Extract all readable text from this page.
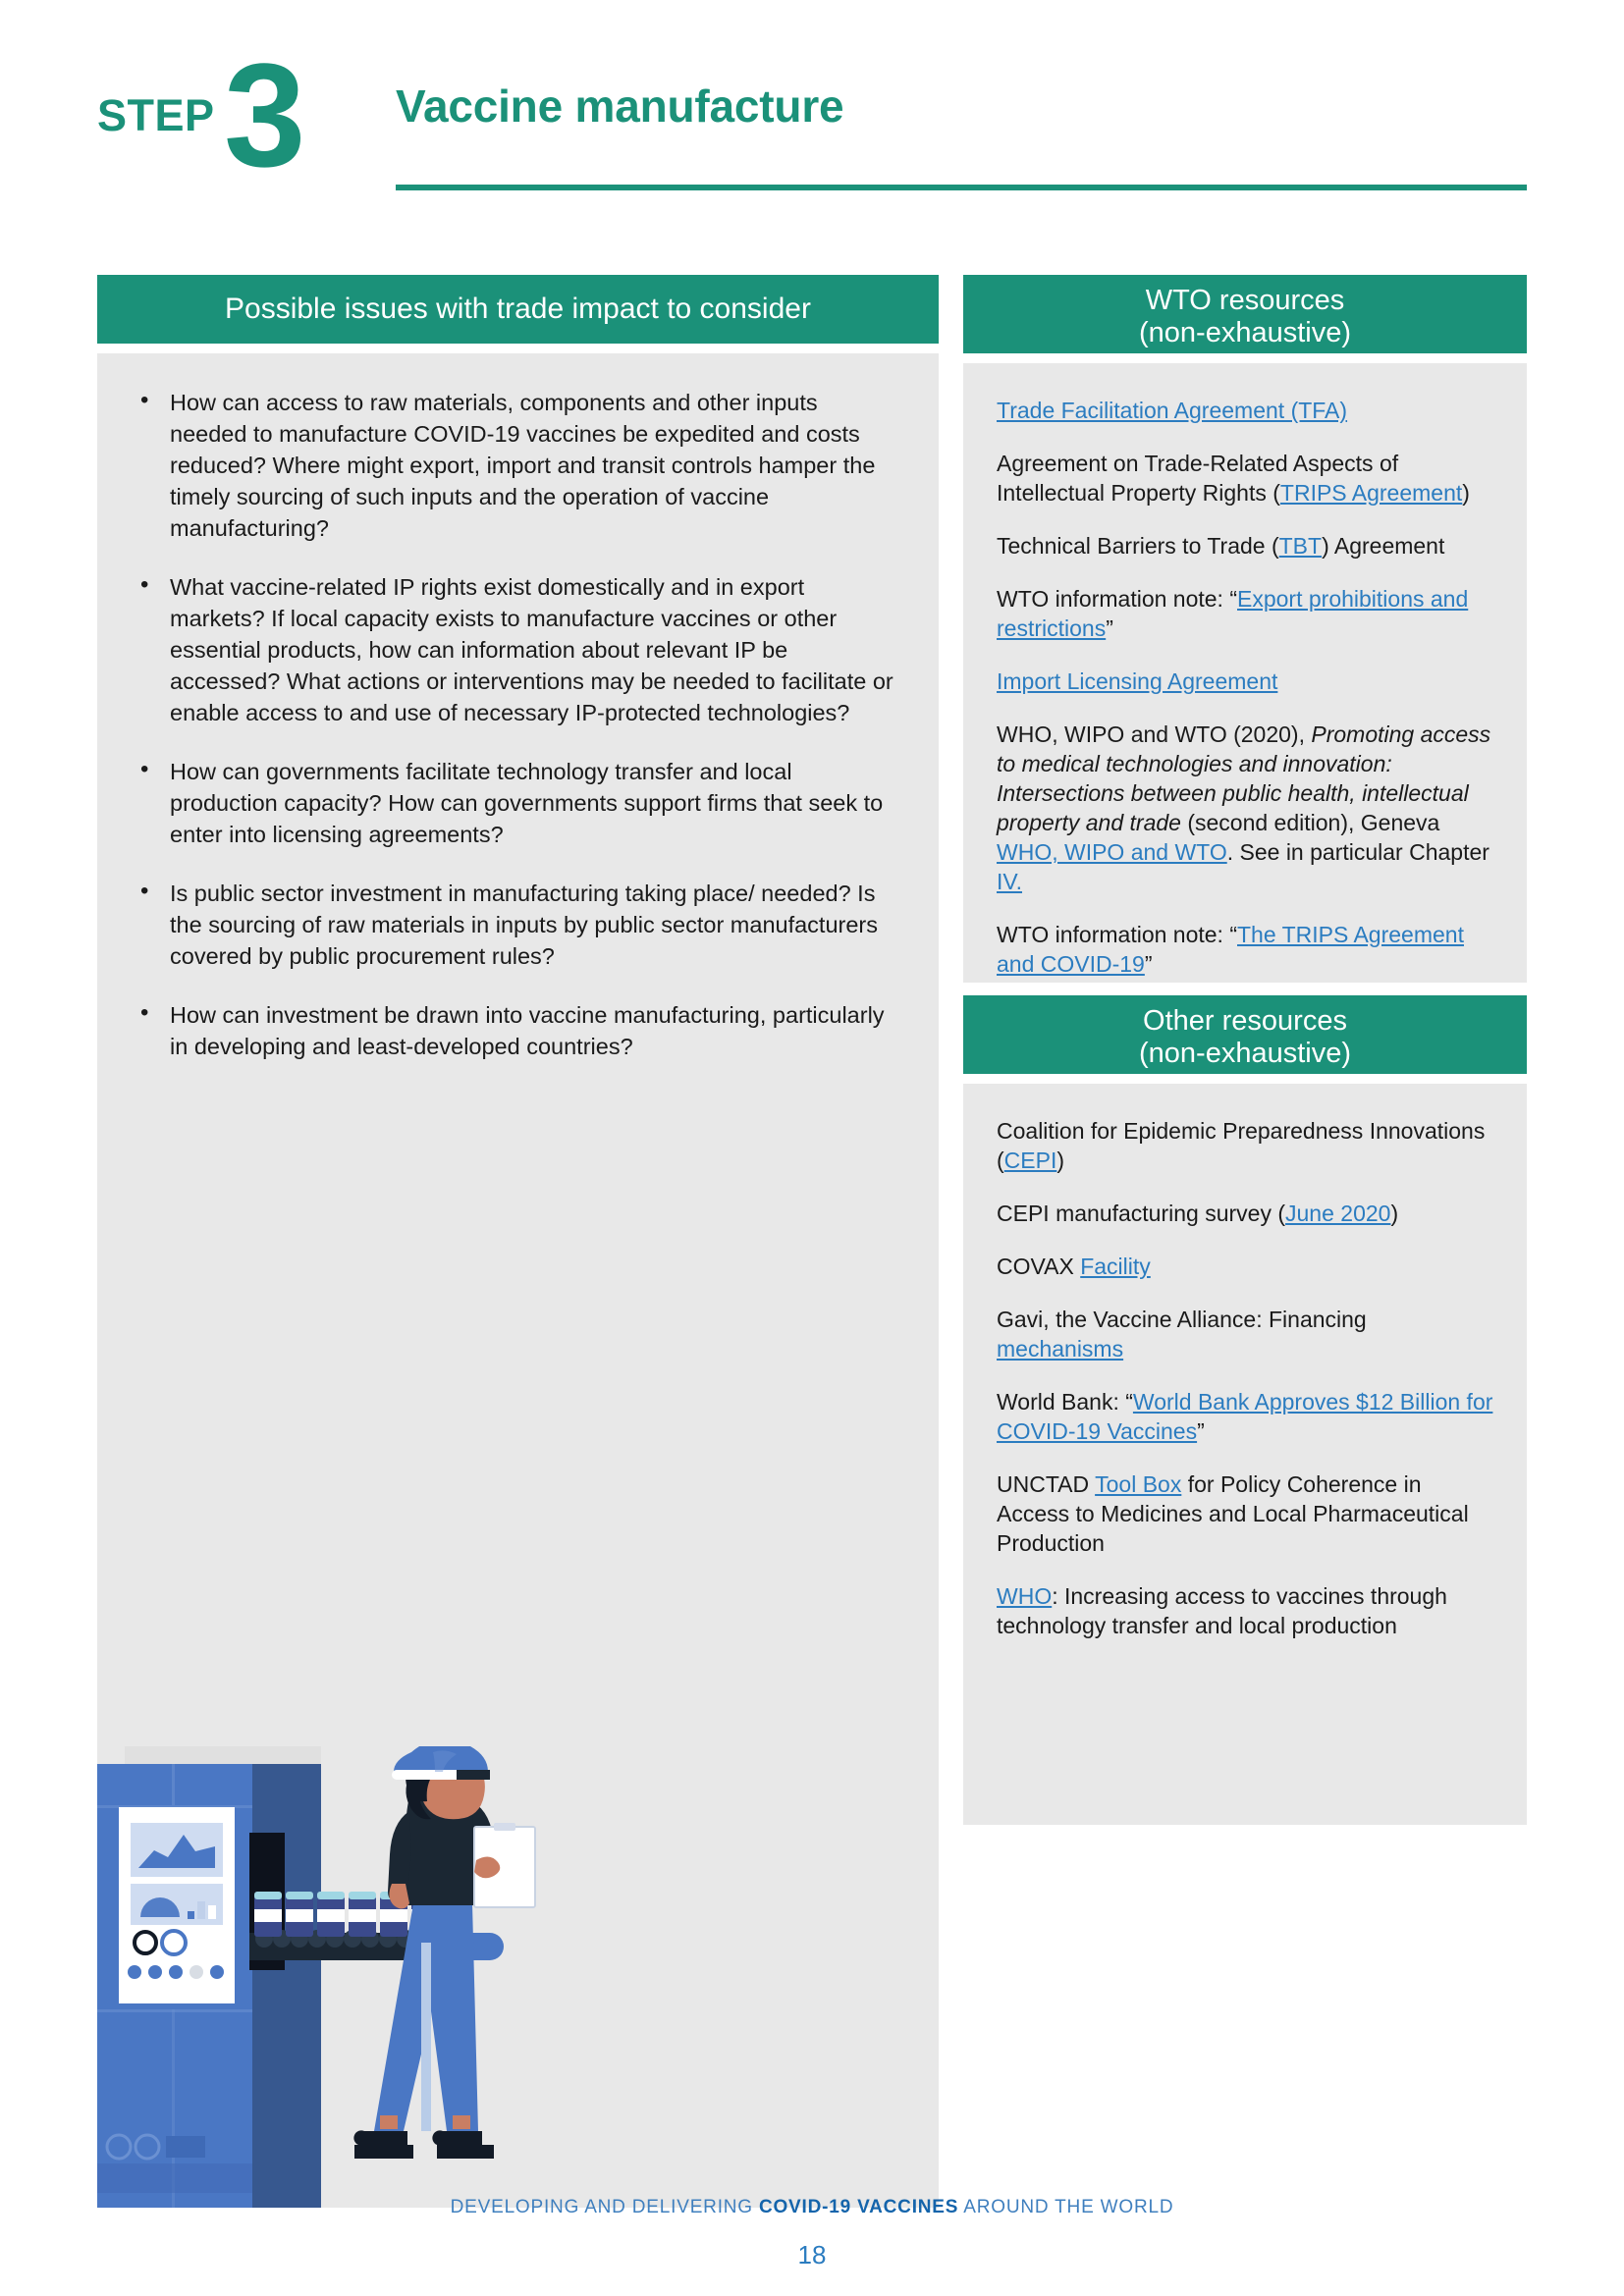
STEP 3 Vaccine manufacture
Possible issues with trade impact to consider
• How can access to raw materials, components and other inputs needed to manufacture COVID-19 vaccines be expedited and costs reduced? Where might export, import and transit controls hamper the timely sourcing of such inputs and the operation of vaccine manufacturing?
• What vaccine-related IP rights exist domestically and in export markets? If local capacity exists to manufacture vaccines or other essential products, how can information about relevant IP be accessed? What actions or interventions may be needed to facilitate or enable access to and use of necessary IP-protected technologies?
• How can governments facilitate technology transfer and local production capacity? How can governments support firms that seek to enter into licensing agreements?
• Is public sector investment in manufacturing taking place/ needed? Is the sourcing of raw materials in inputs by public sector manufacturers covered by public procurement rules?
• How can investment be drawn into vaccine manufacturing, particularly in developing and least-developed countries?
WTO resources
(non-exhaustive)
Trade Facilitation Agreement (TFA)
Agreement on Trade-Related Aspects of Intellectual Property Rights (TRIPS Agreement)
Technical Barriers to Trade (TBT) Agreement
WTO information note: “Export prohibitions and restrictions”
Import Licensing Agreement
WHO, WIPO and WTO (2020), Promoting access to medical technologies and innovation: Intersections between public health, intellectual property and trade (second edition), Geneva WHO, WIPO and WTO. See in particular Chapter IV.
WTO information note: “The TRIPS Agreement and COVID-19”
Other resources
(non-exhaustive)
Coalition for Epidemic Preparedness Innovations (CEPI)
CEPI manufacturing survey (June 2020)
COVAX Facility
Gavi, the Vaccine Alliance: Financing mechanisms
World Bank: “World Bank Approves $12 Billion for COVID-19 Vaccines”
UNCTAD Tool Box for Policy Coherence in Access to Medicines and Local Pharmaceutical Production
WHO: Increasing access to vaccines through technology transfer and local production
DEVELOPING AND DELIVERING COVID-19 VACCINES AROUND THE WORLD
18
